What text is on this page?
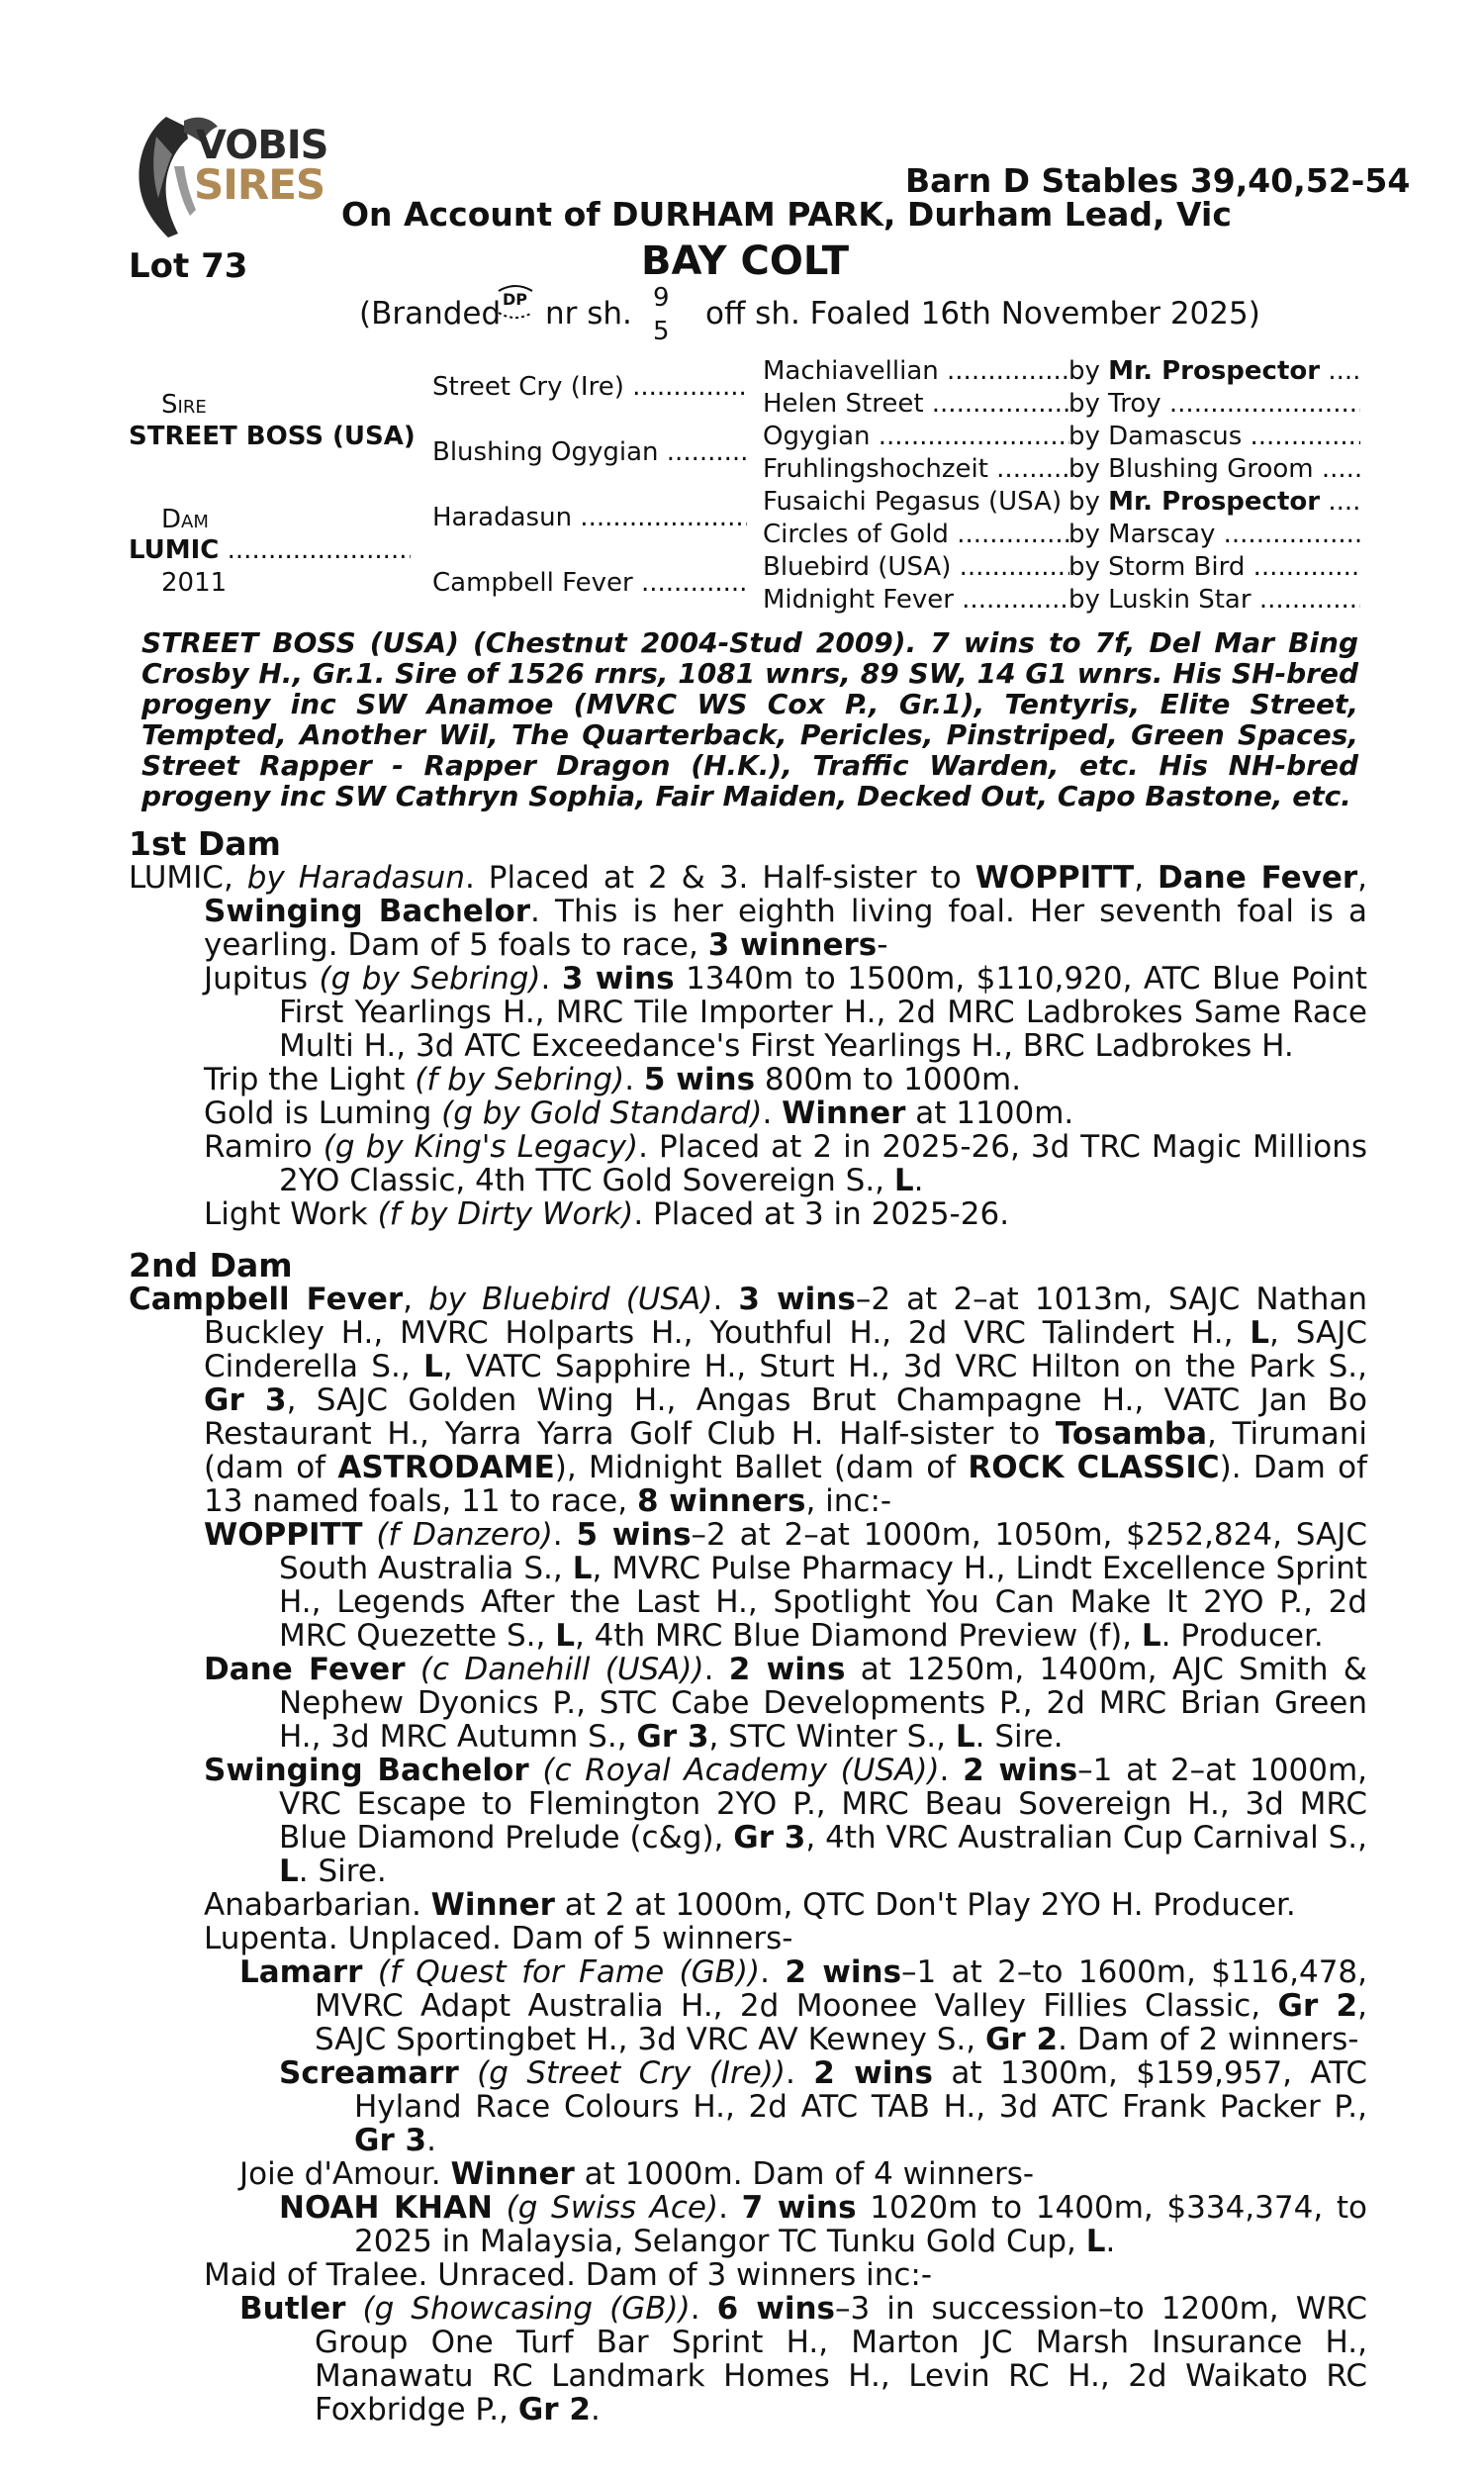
VOBIS
SIRES	Barn D Stables 39,40,52-54
On Account of DURHAM PARK, Durham Lead, Vic
Lot 73	BAY COLT
(Branded DP nr sh. 9
5 off sh. Foaled 16th November 2025)
Sire
STREET BOSS (USA)
Dam
LUMIC .....
2011
Street Cry (Ire) .....
Blushing Ogygian .....
Haradasun .....
Campbell Fever .....
Machiavellian .....
Helen Street .....
Ogygian .....
Fruhlingshochzeit .....
Fusaichi Pegasus (USA) .....
Circles of Gold .....
Bluebird (USA) .....
Midnight Fever .....
by Mr. Prospector .....
by Troy .....
by Damascus .....
by Blushing Groom .....
by Mr. Prospector .....
by Marscay .....
by Storm Bird .....
by Luskin Star .....
STREET BOSS (USA) (Chestnut 2004-Stud 2009). 7 wins to 7f, Del Mar Bing Crosby H., Gr.1. Sire of 1526 rnrs, 1081 wnrs, 89 SW, 14 G1 wnrs. His SH-bred progeny inc SW Anamoe (MVRC WS Cox P., Gr.1), Tentyris, Elite Street, Tempted, Another Wil, The Quarterback, Pericles, Pinstriped, Green Spaces, Street Rapper - Rapper Dragon (H.K.), Traffic Warden, etc. His NH-bred progeny inc SW Cathryn Sophia, Fair Maiden, Decked Out, Capo Bastone, etc.
1st Dam
LUMIC, by Haradasun. Placed at 2 & 3. Half-sister to WOPPITT, Dane Fever, Swinging Bachelor. This is her eighth living foal. Her seventh foal is a yearling. Dam of 5 foals to race, 3 winners-
Jupitus (g by Sebring). 3 wins 1340m to 1500m, $110,920, ATC Blue Point First Yearlings H., MRC Tile Importer H., 2d MRC Ladbrokes Same Race Multi H., 3d ATC Exceedance's First Yearlings H., BRC Ladbrokes H.
Trip the Light (f by Sebring). 5 wins 800m to 1000m.
Gold is Luming (g by Gold Standard). Winner at 1100m.
Ramiro (g by King's Legacy). Placed at 2 in 2025-26, 3d TRC Magic Millions 2YO Classic, 4th TTC Gold Sovereign S., L.
Light Work (f by Dirty Work). Placed at 3 in 2025-26.
2nd Dam
Campbell Fever, by Bluebird (USA). 3 wins–2 at 2–at 1013m, SAJC Nathan Buckley H., MVRC Holparts H., Youthful H., 2d VRC Talindert H., L, SAJC Cinderella S., L, VATC Sapphire H., Sturt H., 3d VRC Hilton on the Park S., Gr 3, SAJC Golden Wing H., Angas Brut Champagne H., VATC Jan Bo Restaurant H., Yarra Yarra Golf Club H. Half-sister to Tosamba, Tirumani (dam of ASTRODAME), Midnight Ballet (dam of ROCK CLASSIC). Dam of 13 named foals, 11 to race, 8 winners, inc:-
WOPPITT (f Danzero). 5 wins–2 at 2–at 1000m, 1050m, $252,824, SAJC South Australia S., L, MVRC Pulse Pharmacy H., Lindt Excellence Sprint H., Legends After the Last H., Spotlight You Can Make It 2YO P., 2d MRC Quezette S., L, 4th MRC Blue Diamond Preview (f), L. Producer.
Dane Fever (c Danehill (USA)). 2 wins at 1250m, 1400m, AJC Smith & Nephew Dyonics P., STC Cabe Developments P., 2d MRC Brian Green H., 3d MRC Autumn S., Gr 3, STC Winter S., L. Sire.
Swinging Bachelor (c Royal Academy (USA)). 2 wins–1 at 2–at 1000m, VRC Escape to Flemington 2YO P., MRC Beau Sovereign H., 3d MRC Blue Diamond Prelude (c&g), Gr 3, 4th VRC Australian Cup Carnival S., L. Sire.
Anabarbarian. Winner at 2 at 1000m, QTC Don't Play 2YO H. Producer.
Lupenta. Unplaced. Dam of 5 winners-
Lamarr (f Quest for Fame (GB)). 2 wins–1 at 2–to 1600m, $116,478, MVRC Adapt Australia H., 2d Moonee Valley Fillies Classic, Gr 2, SAJC Sportingbet H., 3d VRC AV Kewney S., Gr 2. Dam of 2 winners-
Screamarr (g Street Cry (Ire)). 2 wins at 1300m, $159,957, ATC Hyland Race Colours H., 2d ATC TAB H., 3d ATC Frank Packer P., Gr 3.
Joie d'Amour. Winner at 1000m. Dam of 4 winners-
NOAH KHAN (g Swiss Ace). 7 wins 1020m to 1400m, $334,374, to 2025 in Malaysia, Selangor TC Tunku Gold Cup, L.
Maid of Tralee. Unraced. Dam of 3 winners inc:-
Butler (g Showcasing (GB)). 6 wins–3 in succession–to 1200m, WRC Group One Turf Bar Sprint H., Marton JC Marsh Insurance H., Manawatu RC Landmark Homes H., Levin RC H., 2d Waikato RC Foxbridge P., Gr 2.
